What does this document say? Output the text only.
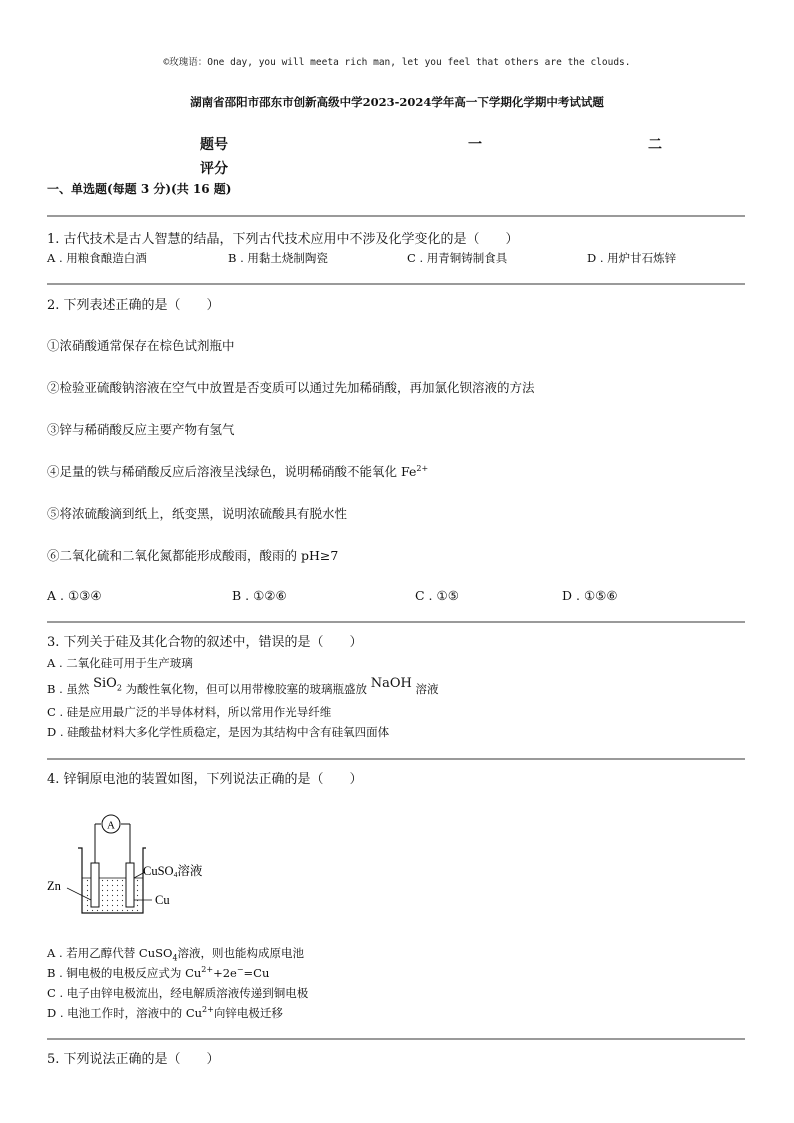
©玫瑰语：One day, you will meeta rich man, let you feel that others are the clouds.
湖南省邵阳市邵东市创新高级中学2023-2024学年高一下学期化学期中考试试题
题号	一	二
评分
一、单选题(每题 3 分)(共 16 题)
1. 古代技术是古人智慧的结晶，下列古代技术应用中不涉及化学变化的是（　　）
A . 用粮食酿造白酒	B . 用黏土烧制陶瓷	C . 用青铜铸制食具	D . 用炉甘石炼锌
2. 下列表述正确的是（　　）
①浓硝酸通常保存在棕色试剂瓶中
②检验亚硫酸钠溶液在空气中放置是否变质可以通过先加稀硝酸，再加氯化钡溶液的方法
③锌与稀硝酸反应主要产物有氢气
④足量的铁与稀硝酸反应后溶液呈浅绿色，说明稀硝酸不能氧化 $Fe^{2+}$
⑤将浓硫酸滴到纸上，纸变黑，说明浓硫酸具有脱水性
⑥二氧化硫和二氧化氮都能形成酸雨，酸雨的 pH≥7
A . ①③④	B . ①②⑥	C . ①⑤	D . ①⑤⑥
3. 下列关于硅及其化合物的叙述中，错误的是（　　）
A . 二氧化硅可用于生产玻璃
B . 虽然 SiO$_2$ 为酸性氧化物，但可以用带橡胶塞的玻璃瓶盛放 NaOH 溶液
C . 硅是应用最广泛的半导体材料，所以常用作光导纤维
D . 硅酸盐材料大多化学性质稳定，是因为其结构中含有硅氧四面体
4. 锌铜原电池的装置如图，下列说法正确的是（　　）
A
Zn
Cu
CuSO4溶液
A . 若用乙醇代替 CuSO$_4$溶液，则也能构成原电池
B . 铜电极的电极反应式为 $Cu^{2+}+2e^-=Cu$
C . 电子由锌电极流出，经电解质溶液传递到铜电极
D . 电池工作时，溶液中的 $Cu^{2+}$向锌电极迁移
5. 下列说法正确的是（　　）
